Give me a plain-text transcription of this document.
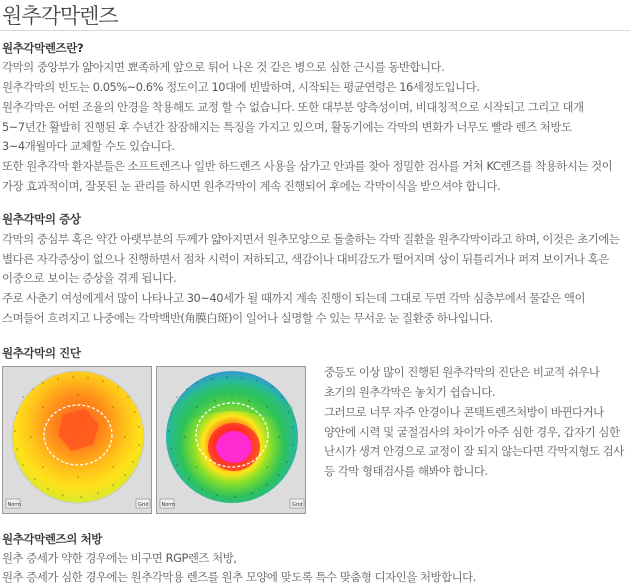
원추각막렌즈
원추각막렌즈란?
각막의 중앙부가 얇아지면 뾰족하게 앞으로 튀어 나온 것 같은 병으로 심한 근시를 동반합니다.
원추각막의 빈도는 0.05%~0.6% 정도이고 10대에 빈발하며, 시작되는 평균연령은 16세정도입니다.
원추각막은 어떤 조율의 안경을 착용해도 교정 할 수 없습니다. 또한 대부분 양측성이며, 비대칭적으로 시작되고 그리고 대개 5~7년간 활발히 진행된 후 수년간 잠잠해지는 특징을 가지고 있으며, 활동기에는 각막의 변화가 너무도 빨라 렌즈 처방도 3~4개월마다 교체할 수도 있습니다.
또한 원추각막 환자분들은 소프트렌즈나 일반 하드렌즈 사용을 삼가고 안과를 찾아 정밀한 검사를 거쳐 KC렌즈를 착용하시는 것이 가장 효과적이며, 잘못된 눈 관리를 하시면 원추각막이 계속 진행되어 후에는 각막이식을 받으셔야 합니다.
원추각막의 증상
각막의 중심부 혹은 약간 아랫부분의 두께가 얇아지면서 원추모양으로 돌출하는 각막 질환을 원추각막이라고 하며, 이것은 초기에는 별다른 자각증상이 없으나 진행하면서 점차 시력이 저하되고, 색감이나 대비감도가 떨어지며 상이 뒤틀리거나 퍼져 보이거나 혹은 이중으로 보이는 증상을 겪게 됩니다.
주로 사춘기 여성에게서 많이 나타나고 30~40세가 될 때까지 계속 진행이 되는데 그대로 두면 각막 심층부에서 물같은 액이 스며들어 흐려지고 나중에는 각막백반(角膜白斑)이 일어나 실명할 수 있는 무서운 눈 질환중 하나입니다.
원추각막의 진단
Norm	Grid	Norm	Grid
중등도 이상 많이 진행된 원추각막의 진단은 비교적 쉬우나 초기의 원추각막은 놓치기 쉽습니다.
그러므로 너무 자주 안경이나 콘택트렌즈처방이 바뀐다거나 양안에 시력 및 굴절검사의 차이가 아주 심한 경우, 갑자기 심한 난시가 생겨 안경으로 교정이 잘 되지 않는다면 각막지형도 검사 등 각막 형태검사를 해봐야 합니다.
원추각막렌즈의 처방
원추 증세가 약한 경우에는 비구면 RGP렌즈 처방,
원추 증세가 심한 경우에는 원추각막용 렌즈를 원추 모양에 맞도록 특수 맞춤형 디자인을 처방합니다.
